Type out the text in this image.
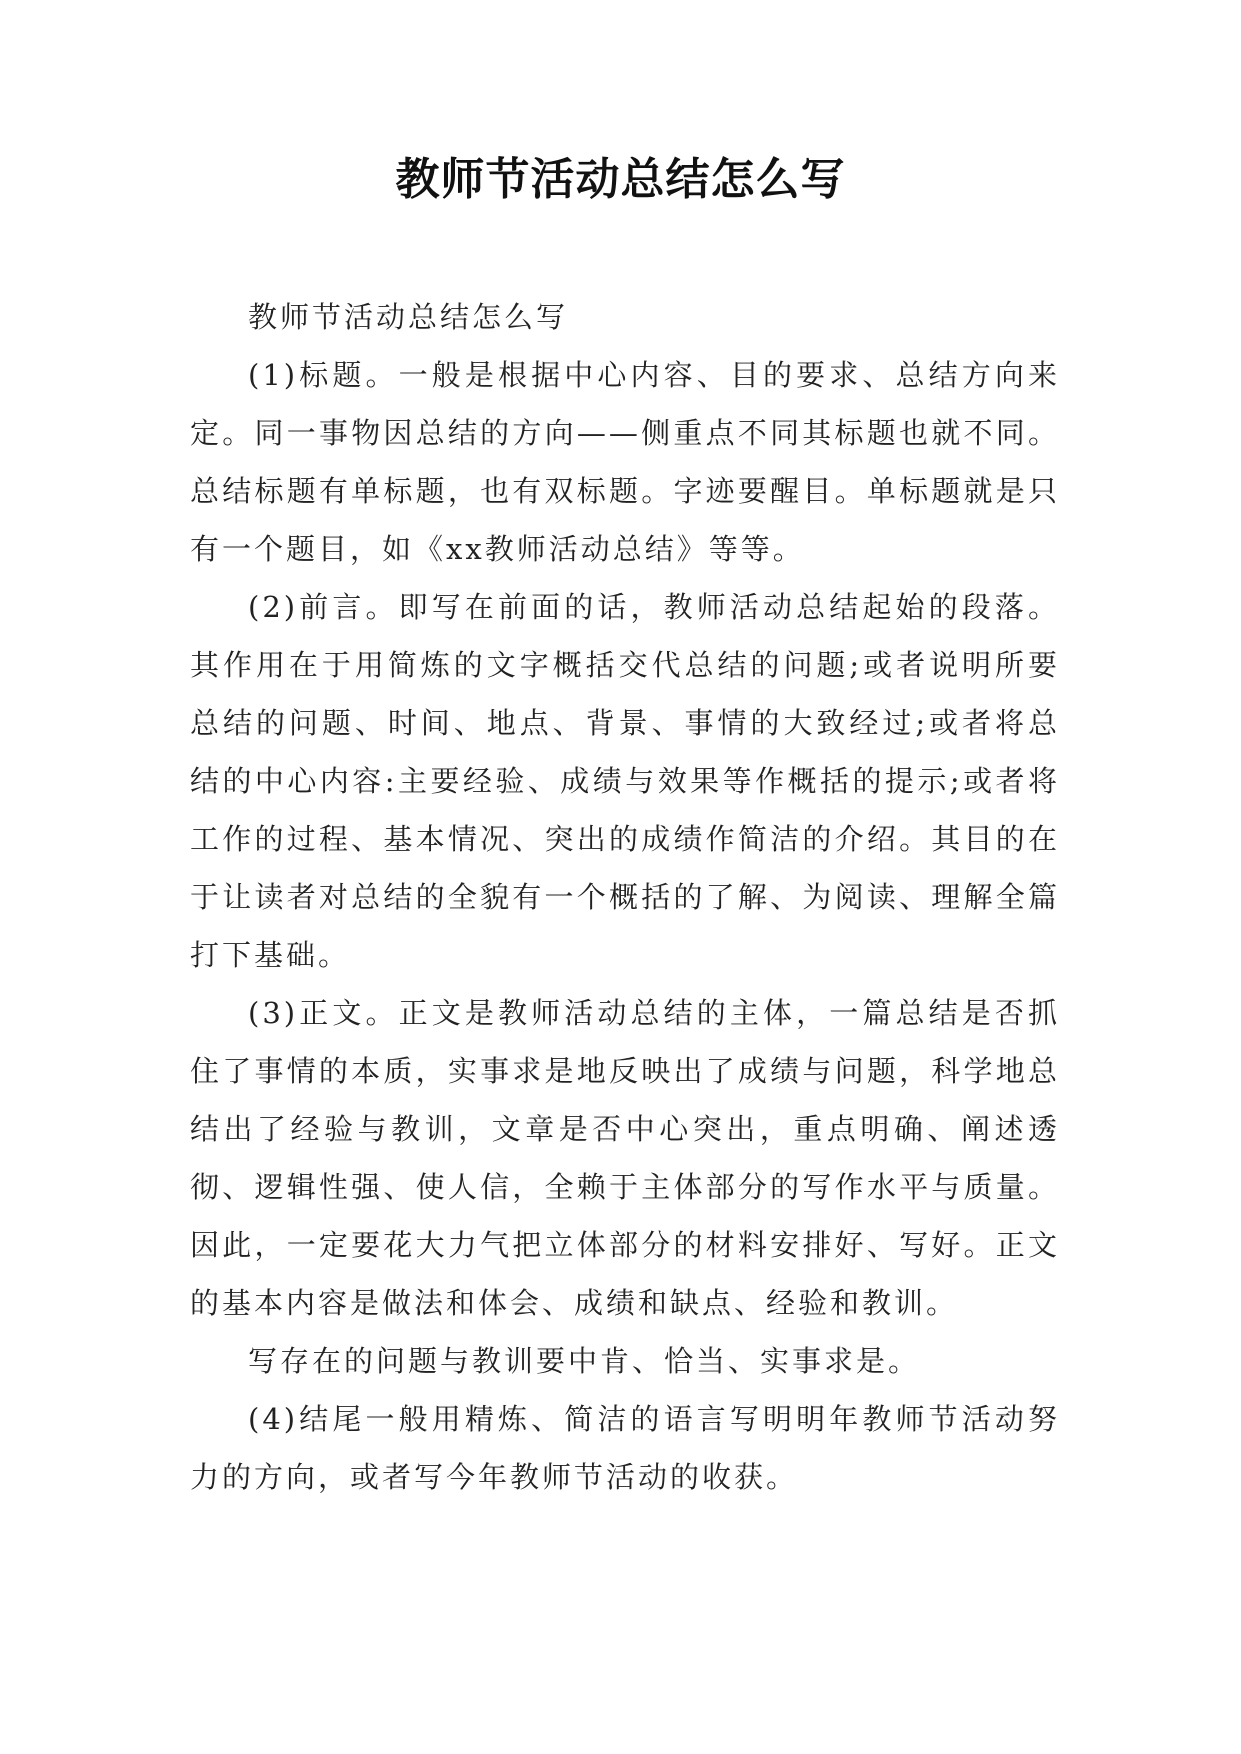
教师节活动总结怎么写

教师节活动总结怎么写

(1)标题。一般是根据中心内容、目的要求、总结方向来定。同一事物因总结的方向——侧重点不同其标题也就不同。总结标题有单标题，也有双标题。字迹要醒目。单标题就是只有一个题目，如《xx教师活动总结》等等。

(2)前言。即写在前面的话，教师活动总结起始的段落。其作用在于用简炼的文字概括交代总结的问题;或者说明所要总结的问题、时间、地点、背景、事情的大致经过;或者将总结的中心内容:主要经验、成绩与效果等作概括的提示;或者将工作的过程、基本情况、突出的成绩作简洁的介绍。其目的在于让读者对总结的全貌有一个概括的了解、为阅读、理解全篇打下基础。

(3)正文。正文是教师活动总结的主体，一篇总结是否抓住了事情的本质，实事求是地反映出了成绩与问题，科学地总结出了经验与教训，文章是否中心突出，重点明确、阐述透彻、逻辑性强、使人信，全赖于主体部分的写作水平与质量。因此，一定要花大力气把立体部分的材料安排好、写好。正文的基本内容是做法和体会、成绩和缺点、经验和教训。

写存在的问题与教训要中肯、恰当、实事求是。

(4)结尾一般用精炼、简洁的语言写明明年教师节活动努力的方向，或者写今年教师节活动的收获。
